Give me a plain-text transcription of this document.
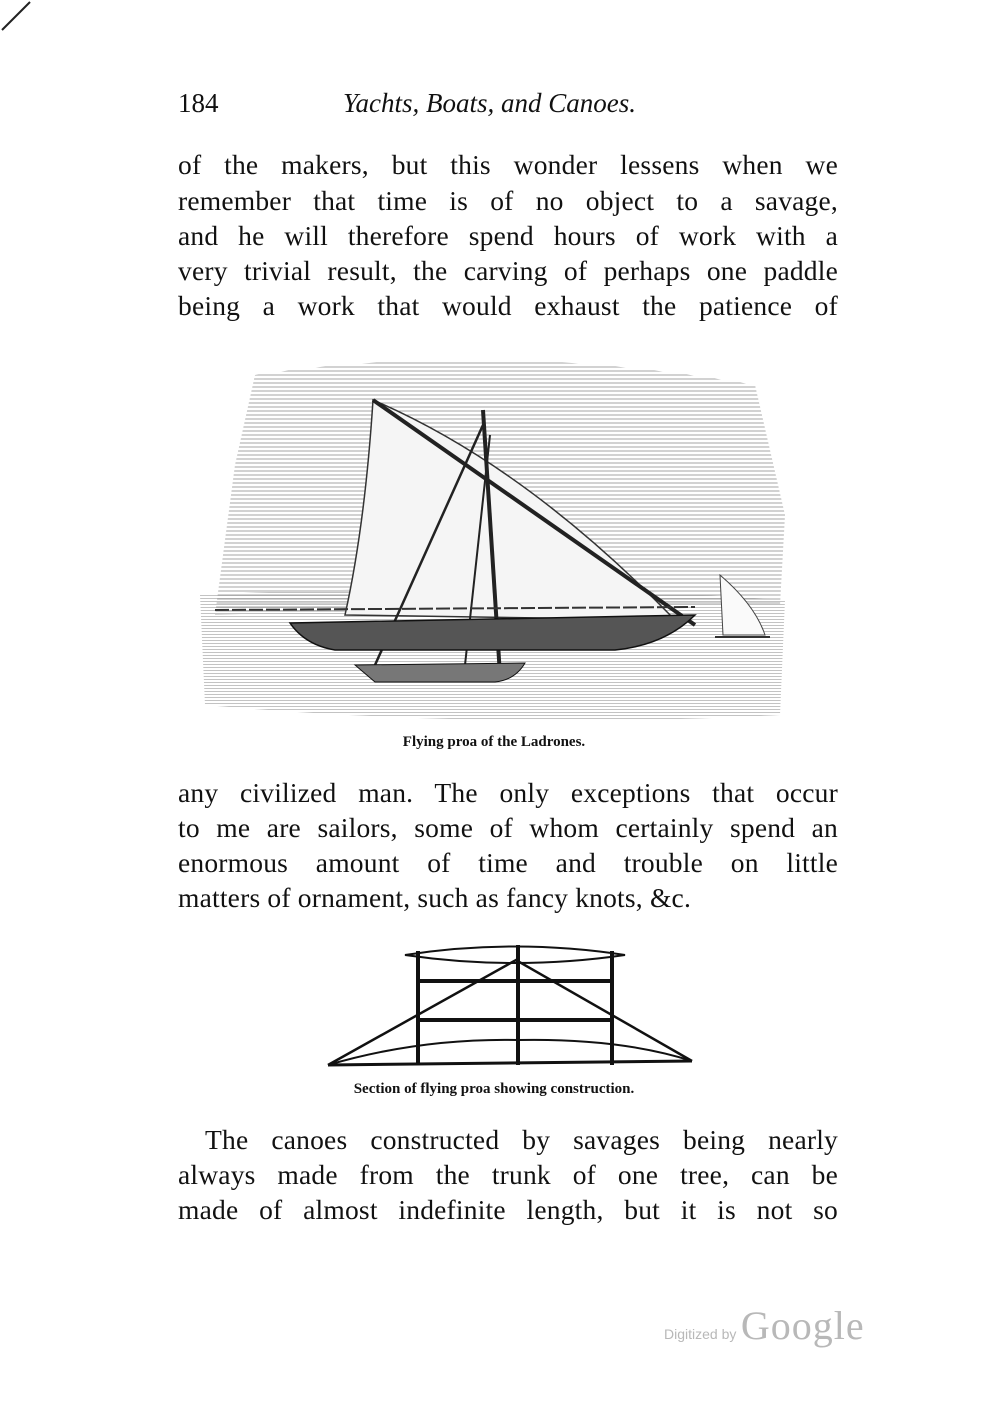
184	Yachts, Boats, and Canoes.
of the makers, but this wonder lessens when we
remember that time is of no object to a savage,
and he will therefore spend hours of work with a
very trivial result, the carving of perhaps one paddle
being a work that would exhaust the patience of
Flying proa of the Ladrones.
any civilized man. The only exceptions that occur
to me are sailors, some of whom certainly spend an
enormous amount of time and trouble on little
matters of ornament, such as fancy knots, &c.
Section of flying proa showing construction.
The canoes constructed by savages being nearly
always made from the trunk of one tree, can be
made of almost indefinite length, but it is not so
Digitized by Google
